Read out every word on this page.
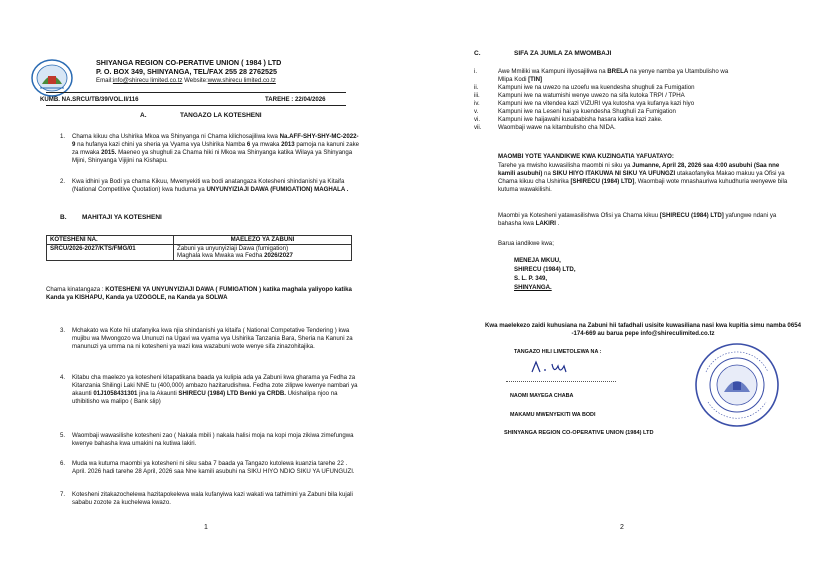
SHIYANGA REGION CO-PERATIVE UNION ( 1984 ) LTD
P. O. BOX 349, SHINYANGA, TEL/FAX 255 28 2762525
Email:info@shirecu limited.co.tz Website:www.shirecu limited.co.tz
KUMB. NA.SRCU/TB/39/VOL.II/116	TAREHE : 22/04/2026
A.	TANGAZO LA KOTESHENI
1.	Chama kikuu cha Ushirika Mkoa wa Shinyanga ni Chama kilichosajiliwa kwa Na.AFF-SHY-SHY-MC-2022-9 na hufanya kazi chini ya sheria ya Vyama vya Ushirika Namba 6 ya mwaka 2013 pamoja na kanuni zake za mwaka 2015. Maeneo ya shughuli za Chama hiki ni Mkoa wa Shinyanga katika Wilaya ya Shinyanga Mjini, Shinyanga Vijijini na Kishapu.
2.	Kwa idhini ya Bodi ya chama Kikuu, Mwenyekiti wa bodi anatangaza Kotesheni shindanishi ya Kitaifa (National Competitive Quotation) kwa huduma ya UNYUNYIZIAJI DAWA (FUMIGATION) MAGHALA .
B. MAHITAJI YA KOTESHENI
KOTESHENI NA.	MAELEZO YA ZABUNI
SRCU/2026-2027/KTS/FMG/01	Zabuni ya unyunyiziaji Dawa (fumigation)
Maghala kwa Mwaka wa Fedha 2026/2027
Chama kinatangaza : KOTESHENI YA UNYUNYIZIAJI DAWA ( FUMIGATION ) katika maghala yaliyopo katika Kanda ya KISHAPU, Kanda ya UZOGOLE, na Kanda ya SOLWA
3.	Mchakato wa Kote hii utafanyika kwa njia shindanishi ya kitaifa ( National Competative Tendering ) kwa mujibu wa Mwongozo wa Ununuzi na Ugavi wa vyama vya Ushirika Tanzania Bara, Sheria na Kanuni za manunuzi ya umma na ni kotesheni ya wazi kwa wazabuni wote wenye sifa zinazohitajika.
4.	Kitabu cha maelezo ya kotesheni kitapatikana baada ya kulipia ada ya Zabuni kwa gharama ya Fedha za Kitanzania Shilingi Laki NNE tu (400,000) ambazo hazitarudishwa. Fedha zote zilipwe kwenye nambari ya akaunti 01J1058431301 jina la Akaunti SHIRECU (1984) LTD Benki ya CRDB. Ukishalipa njoo na uthibitisho wa malipo ( Bank slip)
5.	Waombaji wawasilishe kotesheni zao ( Nakala mbili ) nakala halisi moja na kopi moja zikiwa zimefungwa kwenye bahasha kwa umakini na kutiwa lakiri.
6.	Muda wa kutuma maombi ya kotesheni ni siku saba 7 baada ya Tangazo kutolewa kuanzia tarehe 22 . April. 2026 hadi tarehe 28 April, 2026 saa Nne kamili asubuhi na SIKU HIYO NDIO SIKU YA UFUNGUZI.
7.	Kotesheni zitakazochelewa hazitapokelewa wala kufanyiwa kazi wakati wa tathimini ya Zabuni bila kujali sababu zozote za kuchelewa kwazo.
1
C.	SIFA ZA JUMLA ZA MWOMBAJI
i.	Awe Mmiliki wa Kampuni iliyosajiliwa na BRELA na yenye namba ya Utambulisho wa
Mlipa Kodi [TIN]
ii.	Kampuni iwe na uwezo na uzoefu wa kuendesha shughuli za Fumigation
iii.	Kampuni iwe na watumishi wenye uwezo na sifa kutoka TRPI / TPHA
iv.	Kampuni iwe na vitendea kazi VIZURI vya kutosha vya kufanya kazi hiyo
v.	Kampuni iwe na Leseni hai ya kuendesha Shughuli za Fumigation
vi.	Kampuni iwe haijawahi kusababisha hasara katika kazi zake.
vii.	Waombaji wawe na kitambulisho cha NIDA.
MAOMBI YOTE YAANDIKWE KWA KUZINGATIA YAFUATAYO:
Tarehe ya mwisho kuwasilisha maombi ni siku ya Jumanne, April 28, 2026 saa 4:00 asubuhi (Saa nne kamili asubuhi) na SIKU HIYO ITAKUWA NI SIKU YA UFUNGZI utakaofanyika Makao makuu ya Ofisi ya Chama kikuu cha Ushirika [SHIRECU (1984) LTD], Waombaji wote mnashauriwa kuhudhuria wenyewe bila kutuma wawakilishi.
Maombi ya Kotesheni yatawasilishwa Ofisi ya Chama kikuu [SHIRECU (1984) LTD] yafungwe ndani ya bahasha kwa LAKIRI .
Barua iandikwe kwa;
MENEJA MKUU,
SHIRECU (1984) LTD,
S. L. P. 349,
SHINYANGA.
Kwa maelekezo zaidi kuhusiana na Zabuni hii tafadhali usisite kuwasiliana nasi kwa kupitia simu namba 0654 -174-669 au barua pepe info@shireculimited.co.tz
TANGAZO HILI LIMETOLEWA NA :
NAOMI MAYEGA CHABA
MAKAMU MWENYEKITI WA BODI
SHINYANGA REGION CO-OPERATIVE UNION (1984) LTD
2
